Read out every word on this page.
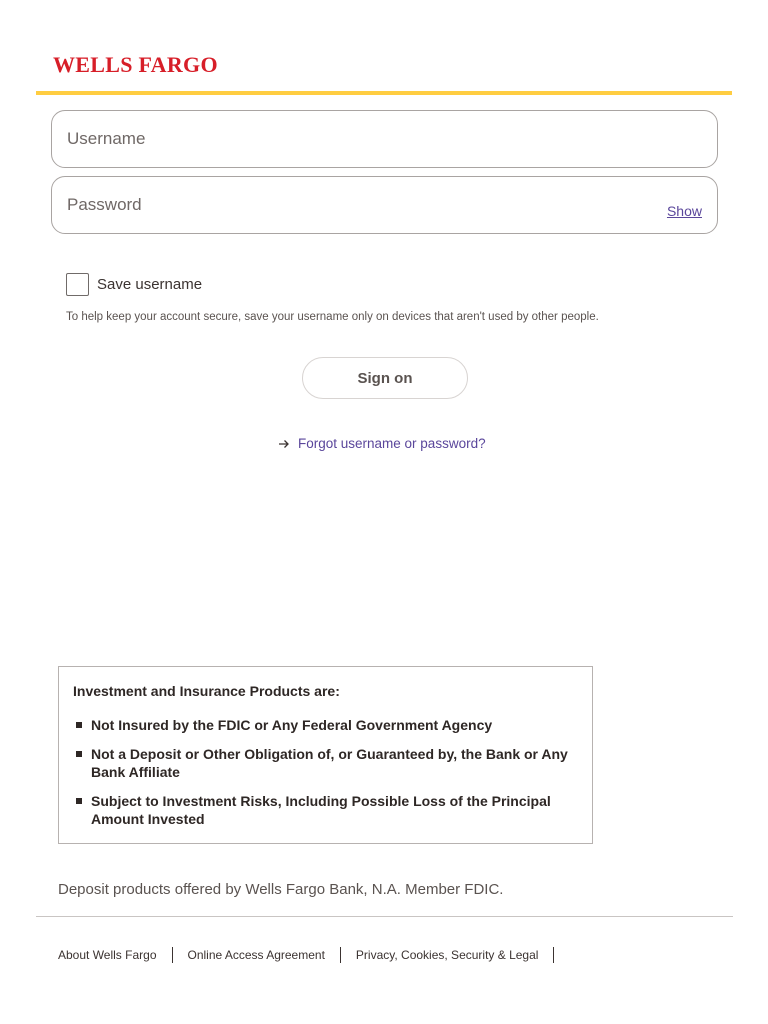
WELLS FARGO
Username
Show
Save username
To help keep your account secure, save your username only on devices that aren't used by other people.
Sign on
Forgot username or password?
Investment and Insurance Products are:
Not Insured by the FDIC or Any Federal Government Agency
Not a Deposit or Other Obligation of, or Guaranteed by, the Bank or Any Bank Affiliate
Subject to Investment Risks, Including Possible Loss of the Principal Amount Invested
Deposit products offered by Wells Fargo Bank, N.A. Member FDIC.
About Wells Fargo	Online Access Agreement	Privacy, Cookies, Security & Legal
